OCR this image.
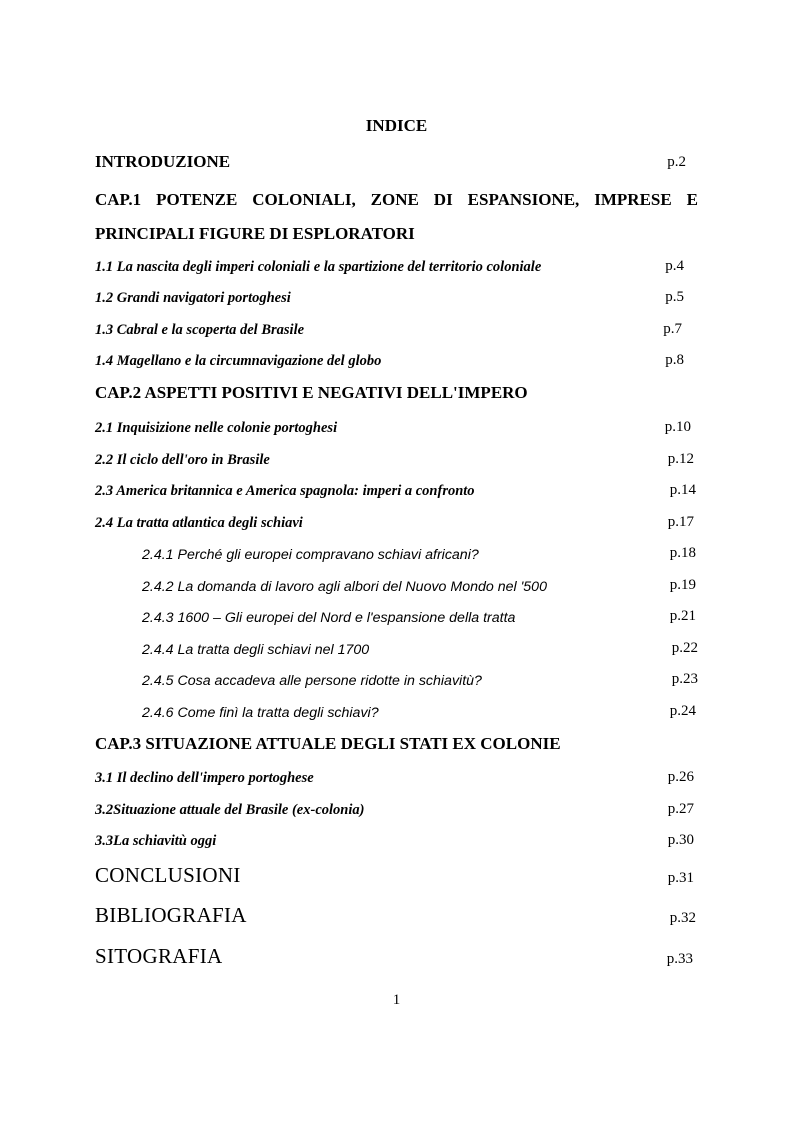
INDICE
INTRODUZIONE	p.2
CAP.1 POTENZE COLONIALI, ZONE DI ESPANSIONE, IMPRESE E PRINCIPALI FIGURE DI ESPLORATORI
1.1 La nascita degli imperi coloniali e la spartizione del territorio coloniale	p.4
1.2 Grandi navigatori portoghesi	p.5
1.3 Cabral e la scoperta del Brasile	p.7
1.4 Magellano e la circumnavigazione del globo	p.8
CAP.2 ASPETTI POSITIVI E NEGATIVI DELL'IMPERO
2.1 Inquisizione nelle colonie portoghesi	p.10
2.2 Il ciclo dell'oro in Brasile	p.12
2.3 America britannica e America spagnola: imperi a confronto	p.14
2.4 La tratta atlantica degli schiavi	p.17
2.4.1 Perché gli europei compravano schiavi africani?	p.18
2.4.2 La domanda di lavoro agli albori del Nuovo Mondo nel '500	p.19
2.4.3 1600 – Gli europei del Nord e l'espansione della tratta	p.21
2.4.4 La tratta degli schiavi nel 1700	p.22
2.4.5 Cosa accadeva alle persone ridotte in schiavitù?	p.23
2.4.6 Come finì la tratta degli schiavi?	p.24
CAP.3 SITUAZIONE ATTUALE DEGLI STATI EX COLONIE
3.1 Il declino dell'impero portoghese	p.26
3.2Situazione attuale del Brasile (ex-colonia)	p.27
3.3La schiavitù oggi	p.30
CONCLUSIONI	p.31
BIBLIOGRAFIA	p.32
SITOGRAFIA	p.33
1
